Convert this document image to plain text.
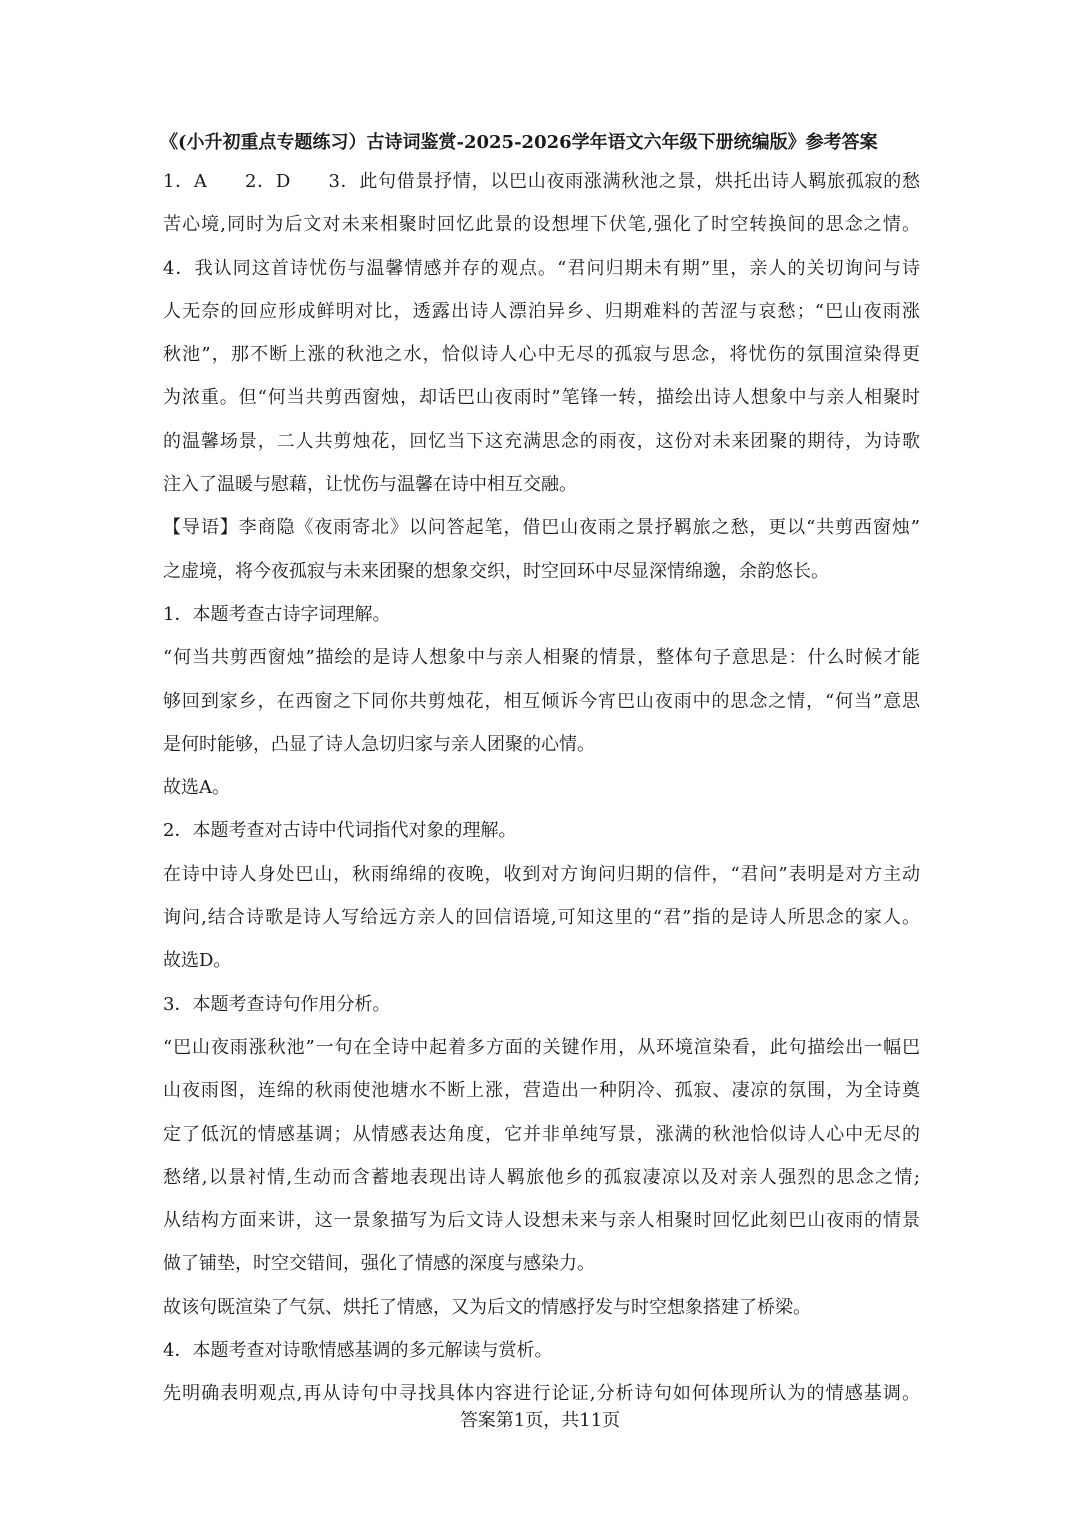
《(小升初重点专题练习）古诗词鉴赏-2025-2026学年语文六年级下册统编版》参考答案
1．A　　2．D　　3．此句借景抒情，以巴山夜雨涨满秋池之景，烘托出诗人羁旅孤寂的愁
苦心境,同时为后文对未来相聚时回忆此景的设想埋下伏笔,强化了时空转换间的思念之情。
4．我认同这首诗忧伤与温馨情感并存的观点。“君问归期未有期”里，亲人的关切询问与诗
人无奈的回应形成鲜明对比，透露出诗人漂泊异乡、归期难料的苦涩与哀愁；“巴山夜雨涨
秋池”，那不断上涨的秋池之水，恰似诗人心中无尽的孤寂与思念，将忧伤的氛围渲染得更
为浓重。但“何当共剪西窗烛，却话巴山夜雨时”笔锋一转，描绘出诗人想象中与亲人相聚时
的温馨场景，二人共剪烛花，回忆当下这充满思念的雨夜，这份对未来团聚的期待，为诗歌
注入了温暖与慰藉，让忧伤与温馨在诗中相互交融。
【导语】李商隐《夜雨寄北》以问答起笔，借巴山夜雨之景抒羁旅之愁，更以“共剪西窗烛”
之虚境，将今夜孤寂与未来团聚的想象交织，时空回环中尽显深情绵邈，余韵悠长。
1．本题考查古诗字词理解。
“何当共剪西窗烛”描绘的是诗人想象中与亲人相聚的情景，整体句子意思是：什么时候才能
够回到家乡，在西窗之下同你共剪烛花，相互倾诉今宵巴山夜雨中的思念之情，“何当”意思
是何时能够，凸显了诗人急切归家与亲人团聚的心情。
故选A。
2．本题考查对古诗中代词指代对象的理解。
在诗中诗人身处巴山，秋雨绵绵的夜晚，收到对方询问归期的信件，“君问”表明是对方主动
询问,结合诗歌是诗人写给远方亲人的回信语境,可知这里的“君”指的是诗人所思念的家人。
故选D。
3．本题考查诗句作用分析。
“巴山夜雨涨秋池”一句在全诗中起着多方面的关键作用，从环境渲染看，此句描绘出一幅巴
山夜雨图，连绵的秋雨使池塘水不断上涨，营造出一种阴冷、孤寂、凄凉的氛围，为全诗奠
定了低沉的情感基调；从情感表达角度，它并非单纯写景，涨满的秋池恰似诗人心中无尽的
愁绪,以景衬情,生动而含蓄地表现出诗人羁旅他乡的孤寂凄凉以及对亲人强烈的思念之情;
从结构方面来讲，这一景象描写为后文诗人设想未来与亲人相聚时回忆此刻巴山夜雨的情景
做了铺垫，时空交错间，强化了情感的深度与感染力。
故该句既渲染了气氛、烘托了情感，又为后文的情感抒发与时空想象搭建了桥梁。
4．本题考查对诗歌情感基调的多元解读与赏析。
先明确表明观点,再从诗句中寻找具体内容进行论证,分析诗句如何体现所认为的情感基调。
答案第1页，共11页
